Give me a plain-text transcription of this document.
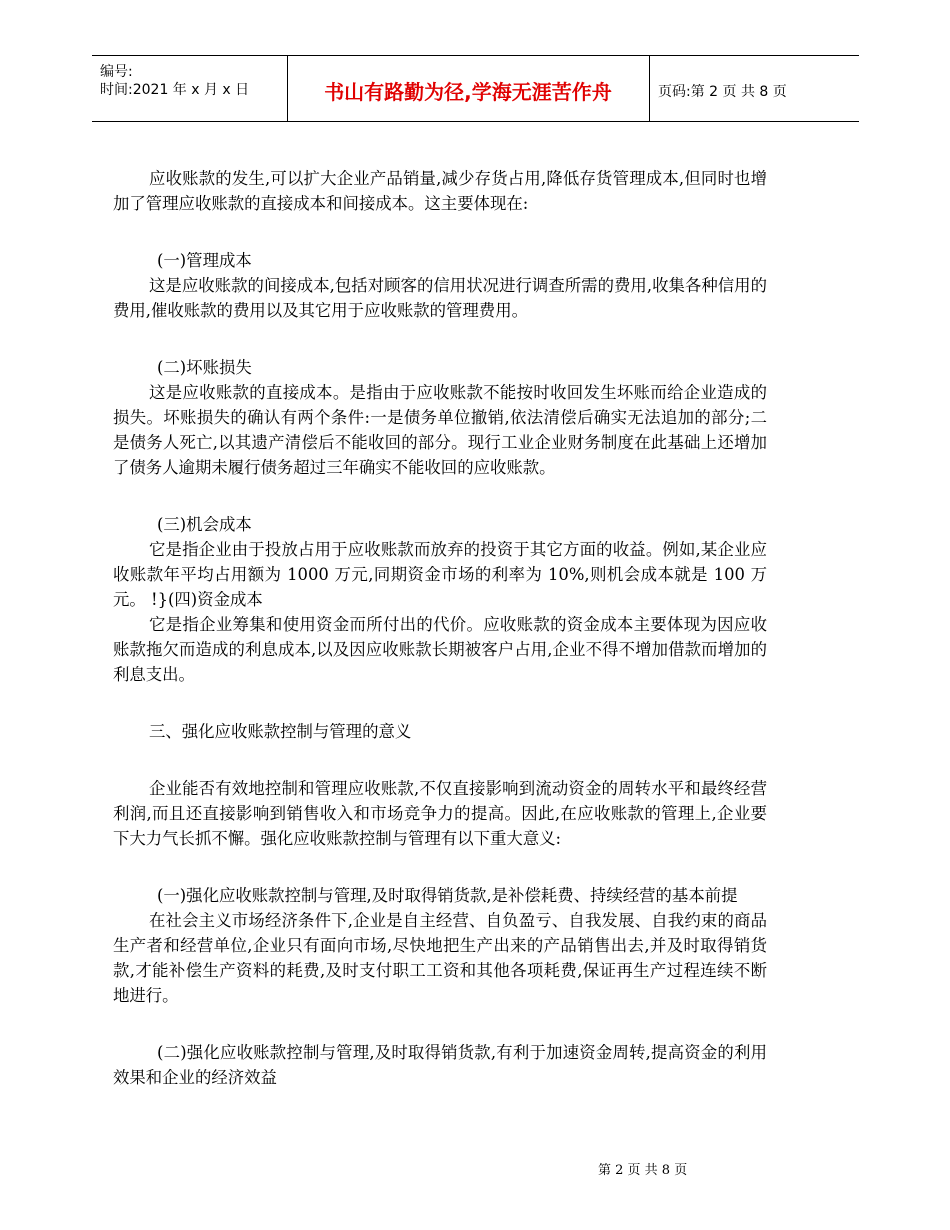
编号:
时间:2021 年 x 月 x 日	书山有路勤为径,学海无涯苦作舟	页码:第 2 页 共 8 页

应收账款的发生,可以扩大企业产品销量,减少存货占用,降低存货管理成本,但同时也增加了管理应收账款的直接成本和间接成本。这主要体现在:

(一)管理成本

这是应收账款的间接成本,包括对顾客的信用状况进行调查所需的费用,收集各种信用的费用,催收账款的费用以及其它用于应收账款的管理费用。

(二)坏账损失

这是应收账款的直接成本。是指由于应收账款不能按时收回发生坏账而给企业造成的损失。坏账损失的确认有两个条件:一是债务单位撤销,依法清偿后确实无法追加的部分;二是债务人死亡,以其遗产清偿后不能收回的部分。现行工业企业财务制度在此基础上还增加了债务人逾期未履行债务超过三年确实不能收回的应收账款。

(三)机会成本

它是指企业由于投放占用于应收账款而放弃的投资于其它方面的收益。例如,某企业应收账款年平均占用额为 1000 万元,同期资金市场的利率为 10%,则机会成本就是 100 万元。 !}(四)资金成本

它是指企业筹集和使用资金而所付出的代价。应收账款的资金成本主要体现为因应收账款拖欠而造成的利息成本,以及因应收账款长期被客户占用,企业不得不增加借款而增加的利息支出。

三、强化应收账款控制与管理的意义

企业能否有效地控制和管理应收账款,不仅直接影响到流动资金的周转水平和最终经营利润,而且还直接影响到销售收入和市场竞争力的提高。因此,在应收账款的管理上,企业要下大力气长抓不懈。强化应收账款控制与管理有以下重大意义:

(一)强化应收账款控制与管理,及时取得销货款,是补偿耗费、持续经营的基本前提

在社会主义市场经济条件下,企业是自主经营、自负盈亏、自我发展、自我约束的商品生产者和经营单位,企业只有面向市场,尽快地把生产出来的产品销售出去,并及时取得销货款,才能补偿生产资料的耗费,及时支付职工工资和其他各项耗费,保证再生产过程连续不断地进行。

(二)强化应收账款控制与管理,及时取得销货款,有利于加速资金周转,提高资金的利用效果和企业的经济效益

第 2 页 共 8 页
